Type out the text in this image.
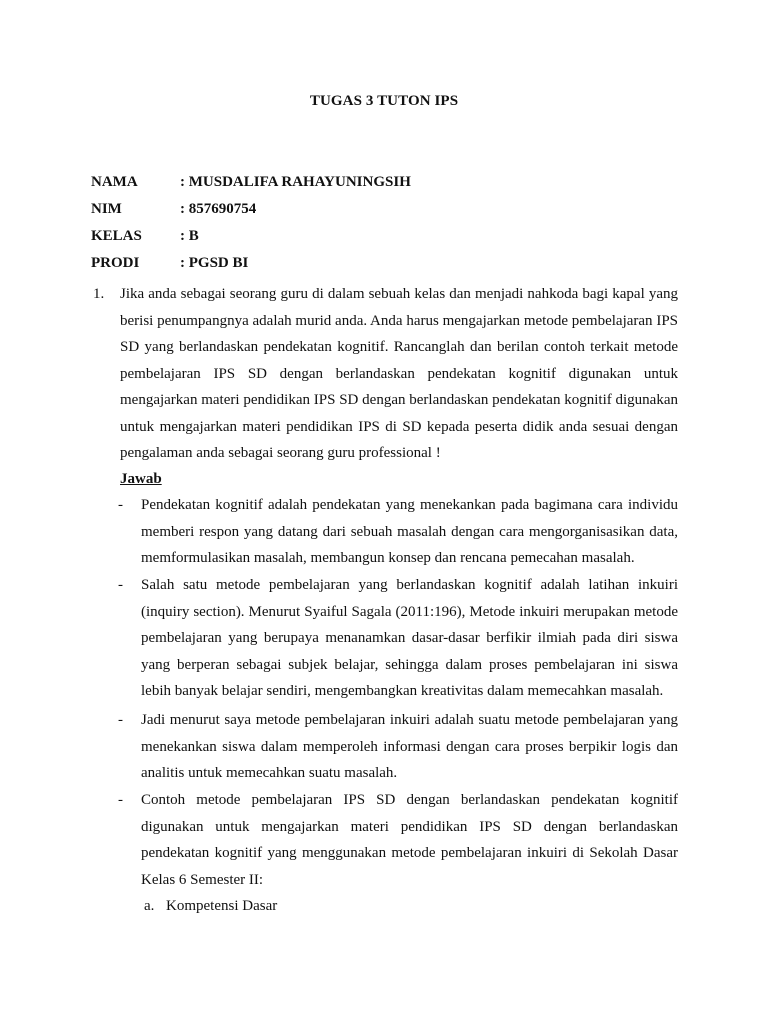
TUGAS 3 TUTON IPS
NAMA	: MUSDALIFA RAHAYUNINGSIH
NIM	: 857690754
KELAS	: B
PRODI	: PGSD BI
1. Jika anda sebagai seorang guru di dalam sebuah kelas dan menjadi nahkoda bagi kapal yang berisi penumpangnya adalah murid anda. Anda harus mengajarkan metode pembelajaran IPS SD yang berlandaskan pendekatan kognitif. Rancanglah dan berilan contoh terkait metode pembelajaran IPS SD dengan berlandaskan pendekatan kognitif digunakan untuk mengajarkan materi pendidikan IPS SD dengan berlandaskan pendekatan kognitif digunakan untuk mengajarkan materi pendidikan IPS di SD kepada peserta didik anda sesuai dengan pengalaman anda sebagai seorang guru professional !

Jawab
- Pendekatan kognitif adalah pendekatan yang menekankan pada bagimana cara individu memberi respon yang datang dari sebuah masalah dengan cara mengorganisasikan data, memformulasikan masalah, membangun konsep dan rencana pemecahan masalah.

- Salah satu metode pembelajaran yang berlandaskan kognitif adalah latihan inkuiri (inquiry section). Menurut Syaiful Sagala (2011:196), Metode inkuiri merupakan metode pembelajaran yang berupaya menanamkan dasar-dasar berfikir ilmiah pada diri siswa yang berperan sebagai subjek belajar, sehingga dalam proses pembelajaran ini siswa lebih banyak belajar sendiri, mengembangkan kreativitas dalam memecahkan masalah.

- Jadi menurut saya metode pembelajaran inkuiri adalah suatu metode pembelajaran yang menekankan siswa dalam memperoleh informasi dengan cara proses berpikir logis dan analitis untuk memecahkan suatu masalah.

- Contoh metode pembelajaran IPS SD dengan berlandaskan pendekatan kognitif digunakan untuk mengajarkan materi pendidikan IPS SD dengan berlandaskan pendekatan kognitif yang menggunakan metode pembelajaran inkuiri di Sekolah Dasar Kelas 6 Semester II:

a. Kompetensi Dasar
